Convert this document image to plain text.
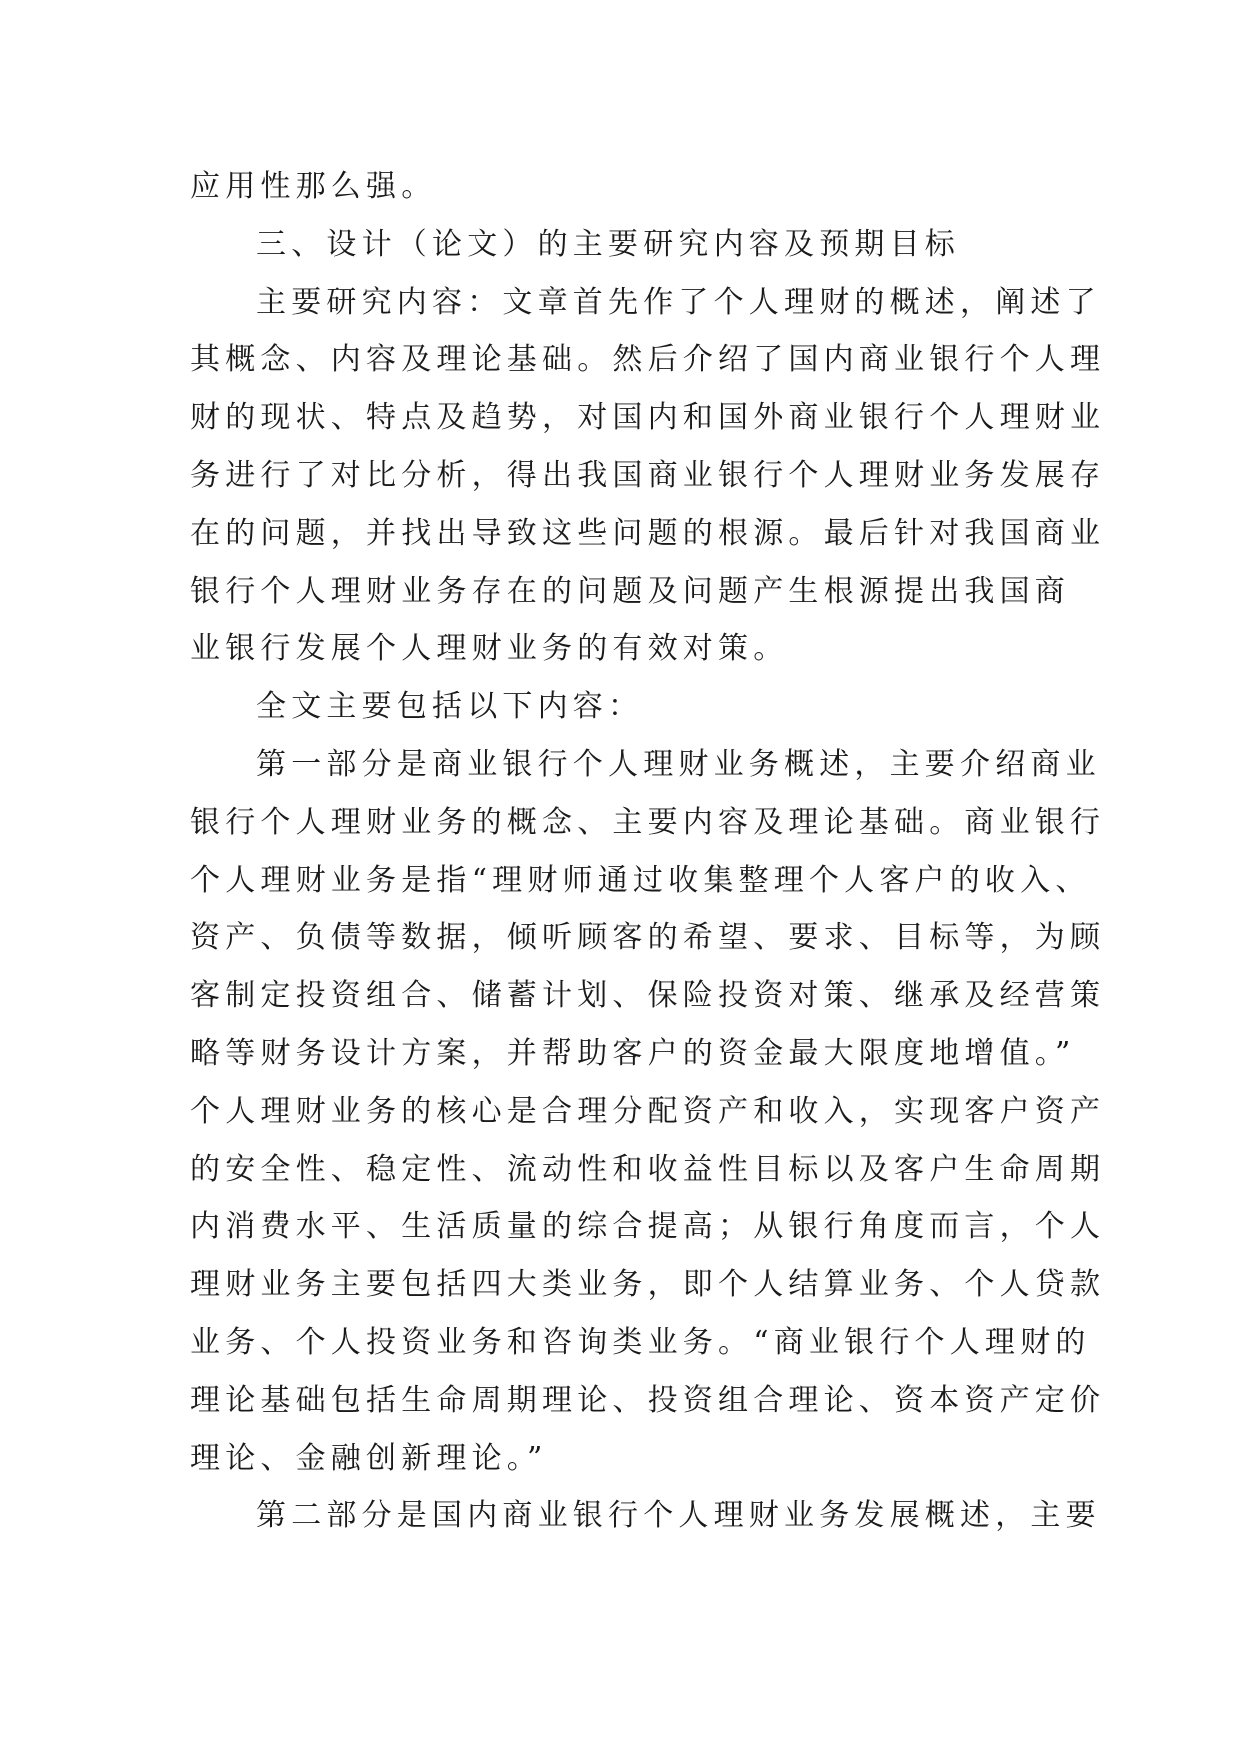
应用性那么强。
三、设计（论文）的主要研究内容及预期目标
主要研究内容：文章首先作了个人理财的概述，阐述了
其概念、内容及理论基础。然后介绍了国内商业银行个人理
财的现状、特点及趋势，对国内和国外商业银行个人理财业
务进行了对比分析，得出我国商业银行个人理财业务发展存
在的问题，并找出导致这些问题的根源。最后针对我国商业
银行个人理财业务存在的问题及问题产生根源提出我国商
业银行发展个人理财业务的有效对策。
全文主要包括以下内容：
第一部分是商业银行个人理财业务概述，主要介绍商业
银行个人理财业务的概念、主要内容及理论基础。商业银行
个人理财业务是指“理财师通过收集整理个人客户的收入、
资产、负债等数据，倾听顾客的希望、要求、目标等，为顾
客制定投资组合、储蓄计划、保险投资对策、继承及经营策
略等财务设计方案，并帮助客户的资金最大限度地增值。”
个人理财业务的核心是合理分配资产和收入，实现客户资产
的安全性、稳定性、流动性和收益性目标以及客户生命周期
内消费水平、生活质量的综合提高；从银行角度而言，个人
理财业务主要包括四大类业务，即个人结算业务、个人贷款
业务、个人投资业务和咨询类业务。“商业银行个人理财的
理论基础包括生命周期理论、投资组合理论、资本资产定价
理论、金融创新理论。”
第二部分是国内商业银行个人理财业务发展概述，主要
